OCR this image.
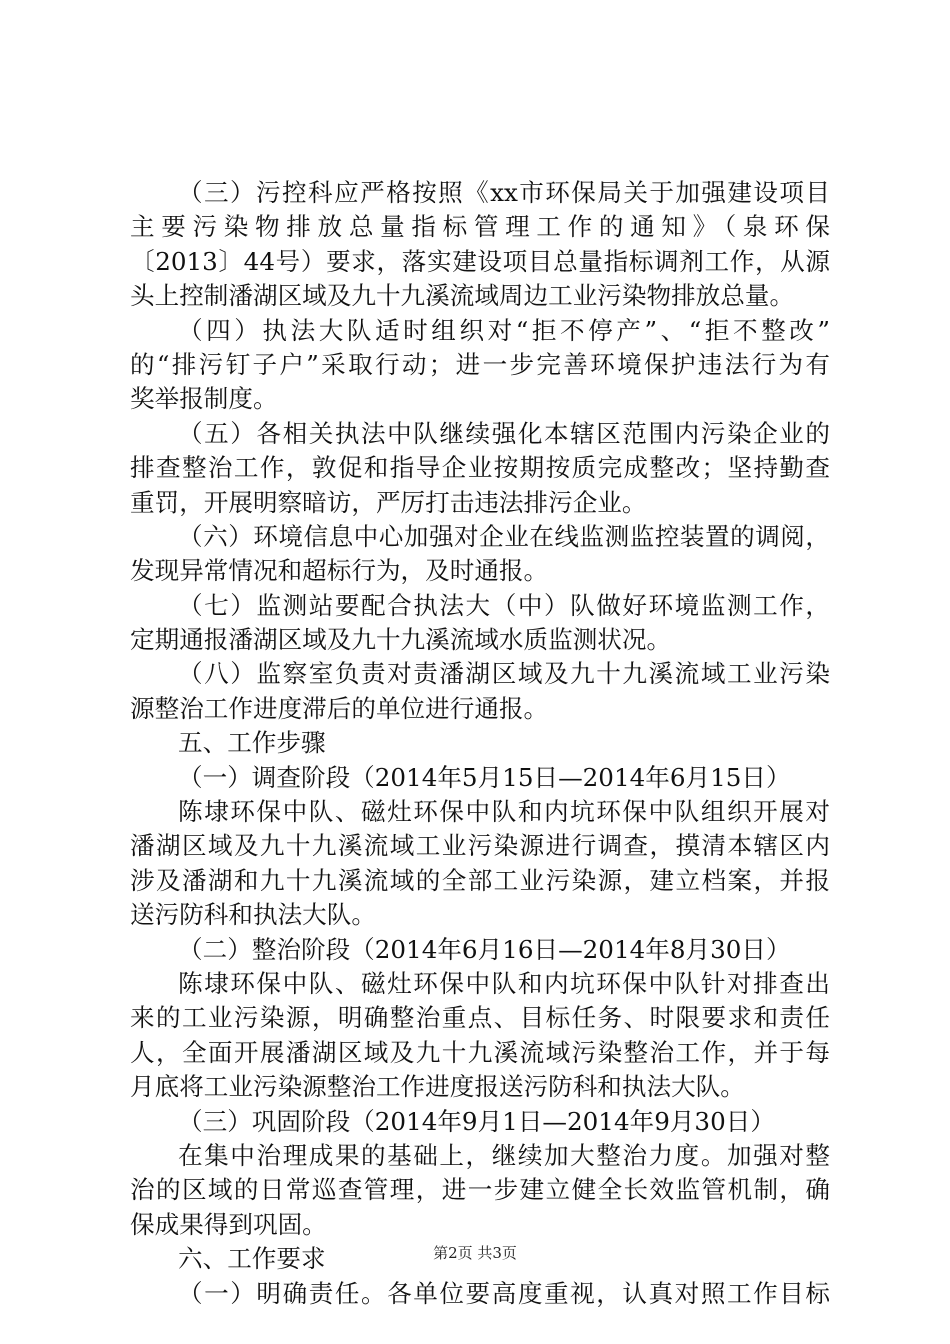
（三）污控科应严格按照《xx市环保局关于加强建设项目
主要污染物排放总量指标管理工作的通知》（泉环保
〔2013〕44号）要求，落实建设项目总量指标调剂工作，从源
头上控制潘湖区域及九十九溪流域周边工业污染物排放总量。
（四）执法大队适时组织对“拒不停产”、“拒不整改”
的“排污钉子户”采取行动；进一步完善环境保护违法行为有
奖举报制度。
（五）各相关执法中队继续强化本辖区范围内污染企业的
排查整治工作，敦促和指导企业按期按质完成整改；坚持勤查
重罚，开展明察暗访，严厉打击违法排污企业。
（六）环境信息中心加强对企业在线监测监控装置的调阅，
发现异常情况和超标行为，及时通报。
（七）监测站要配合执法大（中）队做好环境监测工作，
定期通报潘湖区域及九十九溪流域水质监测状况。
（八）监察室负责对责潘湖区域及九十九溪流域工业污染
源整治工作进度滞后的单位进行通报。
五、工作步骤
（一）调查阶段（2014年5月15日—2014年6月15日）
陈埭环保中队、磁灶环保中队和内坑环保中队组织开展对
潘湖区域及九十九溪流域工业污染源进行调查，摸清本辖区内
涉及潘湖和九十九溪流域的全部工业污染源，建立档案，并报
送污防科和执法大队。
（二）整治阶段（2014年6月16日—2014年8月30日）
陈埭环保中队、磁灶环保中队和内坑环保中队针对排查出
来的工业污染源，明确整治重点、目标任务、时限要求和责任
人，全面开展潘湖区域及九十九溪流域污染整治工作，并于每
月底将工业污染源整治工作进度报送污防科和执法大队。
（三）巩固阶段（2014年9月1日—2014年9月30日）
在集中治理成果的基础上，继续加大整治力度。加强对整
治的区域的日常巡查管理，进一步建立健全长效监管机制，确
保成果得到巩固。
六、工作要求
（一）明确责任。各单位要高度重视，认真对照工作目标
第2页 共3页
